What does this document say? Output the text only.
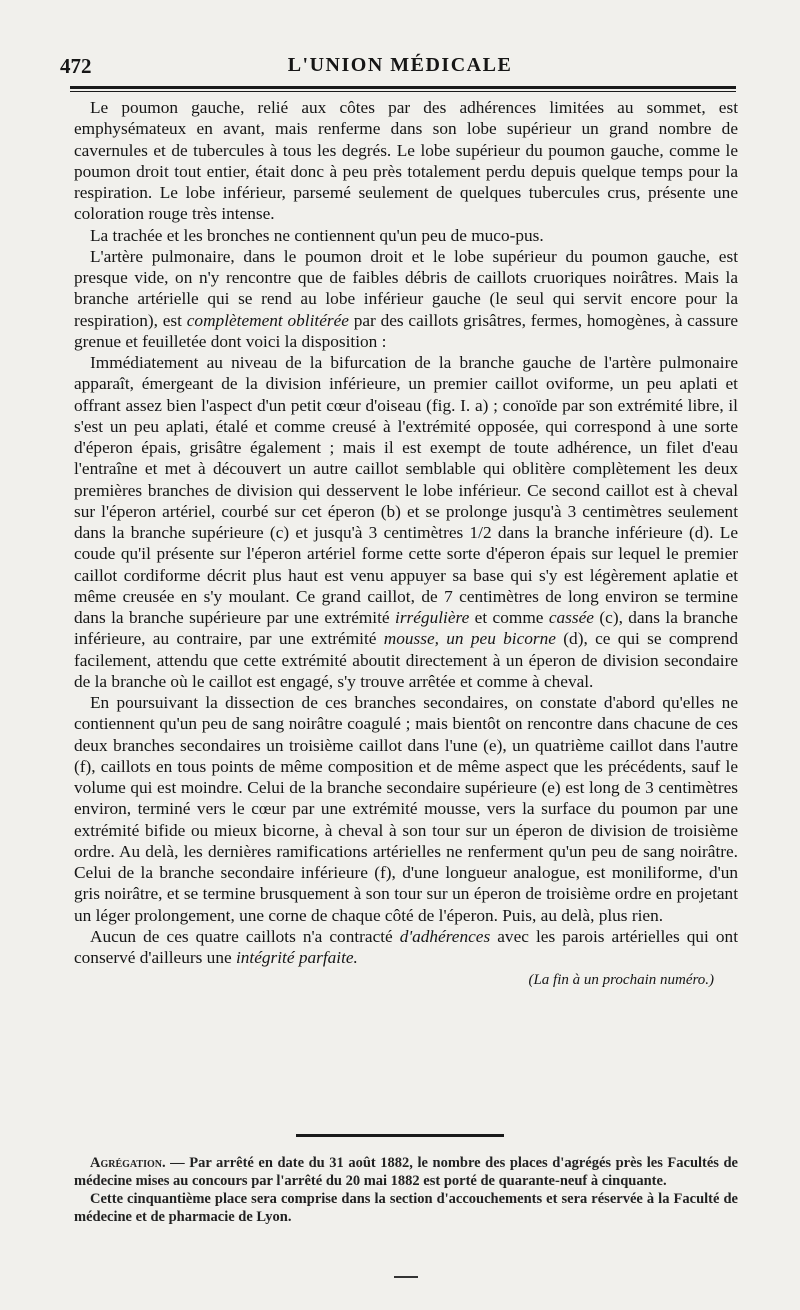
472	L'UNION MÉDICALE

Le poumon gauche, relié aux côtes par des adhérences limitées au sommet, est emphysémateux en avant, mais renferme dans son lobe supérieur un grand nombre de cavernules et de tubercules à tous les degrés. Le lobe supérieur du poumon gauche, comme le poumon droit tout entier, était donc à peu près totalement perdu depuis quelque temps pour la respiration. Le lobe inférieur, parsemé seulement de quelques tubercules crus, présente une coloration rouge très intense.

La trachée et les bronches ne contiennent qu'un peu de muco-pus.

L'artère pulmonaire, dans le poumon droit et le lobe supérieur du poumon gauche, est presque vide, on n'y rencontre que de faibles débris de caillots cruoriques noirâtres. Mais la branche artérielle qui se rend au lobe inférieur gauche (le seul qui servit encore pour la respiration), est complètement oblitérée par des caillots grisâtres, fermes, homogènes, à cassure grenue et feuilletée dont voici la disposition :

Immédiatement au niveau de la bifurcation de la branche gauche de l'artère pulmonaire apparaît, émergeant de la division inférieure, un premier caillot oviforme, un peu aplati et offrant assez bien l'aspect d'un petit cœur d'oiseau (fig. I. a) ; conoïde par son extrémité libre, il s'est un peu aplati, étalé et comme creusé à l'extrémité opposée, qui correspond à une sorte d'éperon épais, grisâtre également ; mais il est exempt de toute adhérence, un filet d'eau l'entraîne et met à découvert un autre caillot semblable qui oblitère complètement les deux premières branches de division qui desservent le lobe inférieur. Ce second caillot est à cheval sur l'éperon artériel, courbé sur cet éperon (b) et se prolonge jusqu'à 3 centimètres seulement dans la branche supérieure (c) et jusqu'à 3 centimètres 1/2 dans la branche inférieure (d). Le coude qu'il présente sur l'éperon artériel forme cette sorte d'éperon épais sur lequel le premier caillot cordiforme décrit plus haut est venu appuyer sa base qui s'y est légèrement aplatie et même creusée en s'y moulant. Ce grand caillot, de 7 centimètres de long environ se termine dans la branche supérieure par une extrémité irrégulière et comme cassée (c), dans la branche inférieure, au contraire, par une extrémité mousse, un peu bicorne (d), ce qui se comprend facilement, attendu que cette extrémité aboutit directement à un éperon de division secondaire de la branche où le caillot est engagé, s'y trouve arrêtée et comme à cheval.

En poursuivant la dissection de ces branches secondaires, on constate d'abord qu'elles ne contiennent qu'un peu de sang noirâtre coagulé ; mais bientôt on rencontre dans chacune de ces deux branches secondaires un troisième caillot dans l'une (e), un quatrième caillot dans l'autre (f), caillots en tous points de même composition et de même aspect que les précédents, sauf le volume qui est moindre. Celui de la branche secondaire supérieure (e) est long de 3 centimètres environ, terminé vers le cœur par une extrémité mousse, vers la surface du poumon par une extrémité bifide ou mieux bicorne, à cheval à son tour sur un éperon de division de troisième ordre. Au delà, les dernières ramifications artérielles ne renferment qu'un peu de sang noirâtre. Celui de la branche secondaire inférieure (f), d'une longueur analogue, est moniliforme, d'un gris noirâtre, et se termine brusquement à son tour sur un éperon de troisième ordre en projetant un léger prolongement, une corne de chaque côté de l'éperon. Puis, au delà, plus rien.

Aucun de ces quatre caillots n'a contracté d'adhérences avec les parois artérielles qui ont conservé d'ailleurs une intégrité parfaite.

(La fin à un prochain numéro.)

Agrégation. — Par arrêté en date du 31 août 1882, le nombre des places d'agrégés près les Facultés de médecine mises au concours par l'arrêté du 20 mai 1882 est porté de quarante-neuf à cinquante.

Cette cinquantième place sera comprise dans la section d'accouchements et sera réservée à la Faculté de médecine et de pharmacie de Lyon.
